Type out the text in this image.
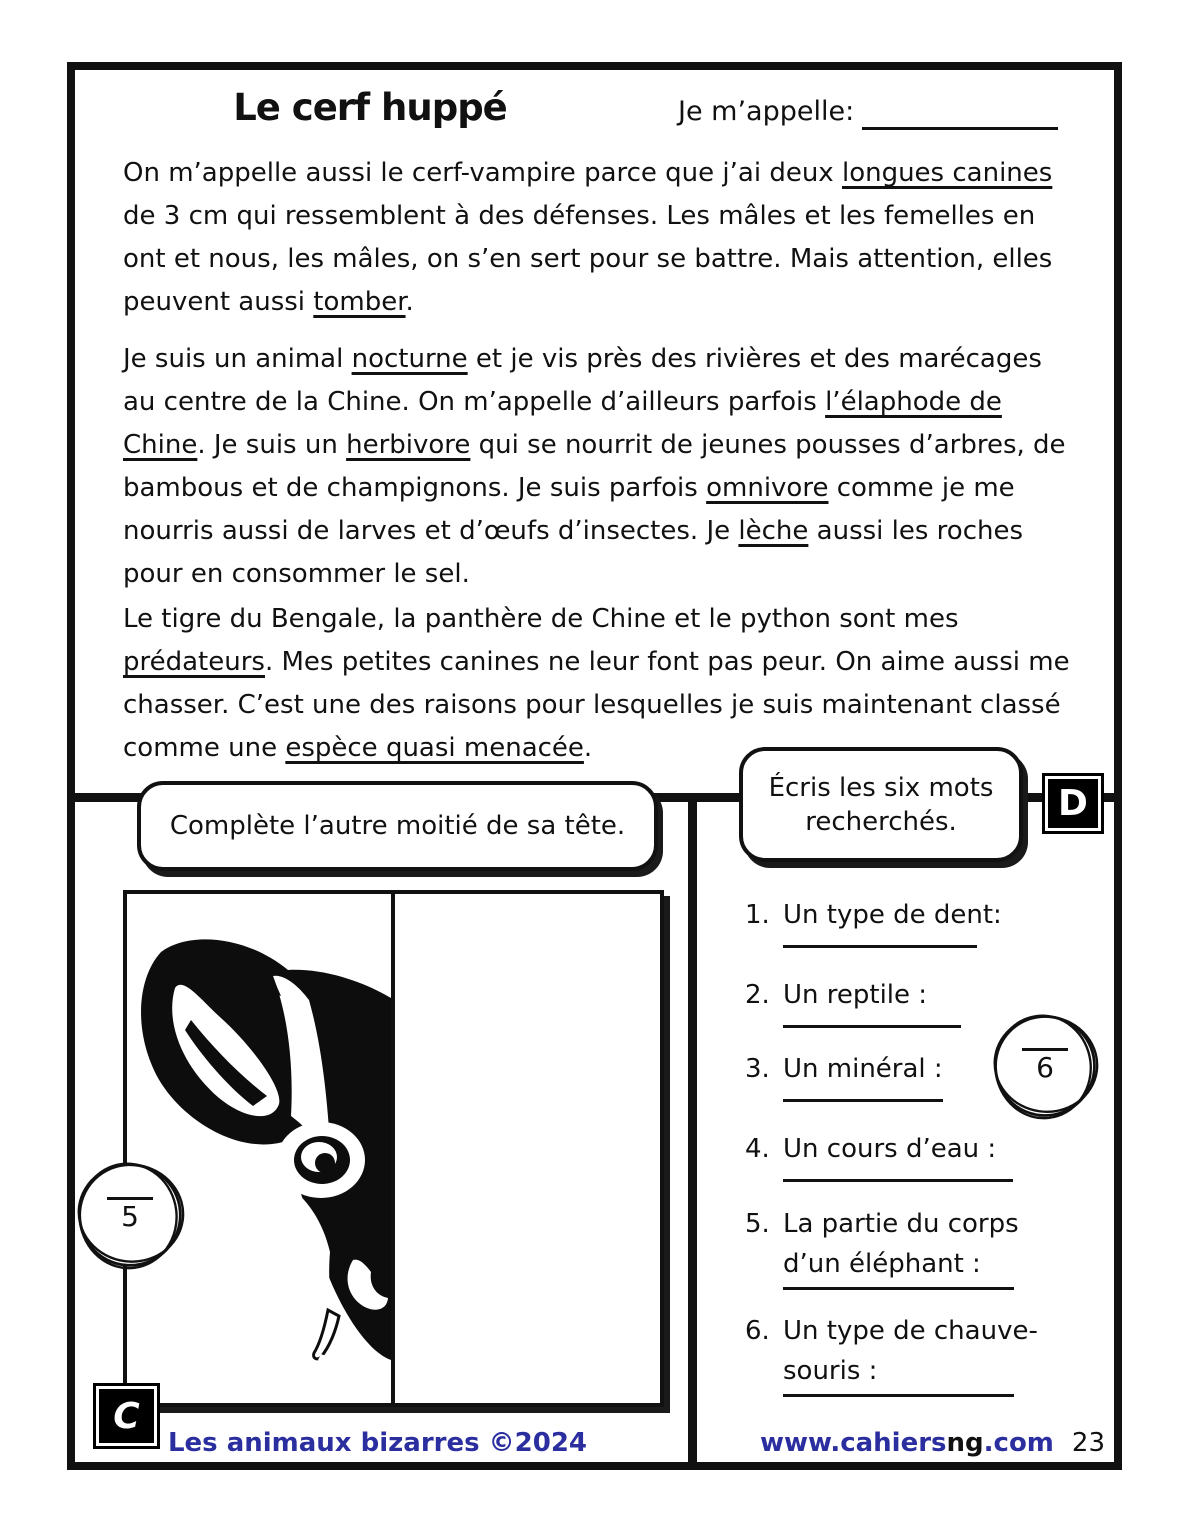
Le cerf huppé	Je m’appelle:
On m’appelle aussi le cerf-vampire parce que j’ai deux longues canines de 3 cm qui ressemblent à des défenses. Les mâles et les femelles en ont et nous, les mâles, on s’en sert pour se battre. Mais attention, elles peuvent aussi tomber.
Je suis un animal nocturne et je vis près des rivières et des marécages au centre de la Chine. On m’appelle d’ailleurs parfois l’élaphode de Chine. Je suis un herbivore qui se nourrit de jeunes pousses d’arbres, de bambous et de champignons. Je suis parfois omnivore comme je me nourris aussi de larves et d’œufs d’insectes. Je lèche aussi les roches pour en consommer le sel.
Le tigre du Bengale, la panthère de Chine et le python sont mes prédateurs. Mes petites canines ne leur font pas peur. On aime aussi me chasser. C’est une des raisons pour lesquelles je suis maintenant classé comme une espèce quasi menacée.
Complète l’autre moitié de sa tête.
5
C
Écris les six mots recherchés.	D
1. Un type de dent:
2. Un reptile :
3. Un minéral :
4. Un cours d’eau :
5. La partie du corps d’un éléphant :
6. Un type de chauve-souris :
6
Les animaux bizarres ©2024	www.cahiersng.com 23
